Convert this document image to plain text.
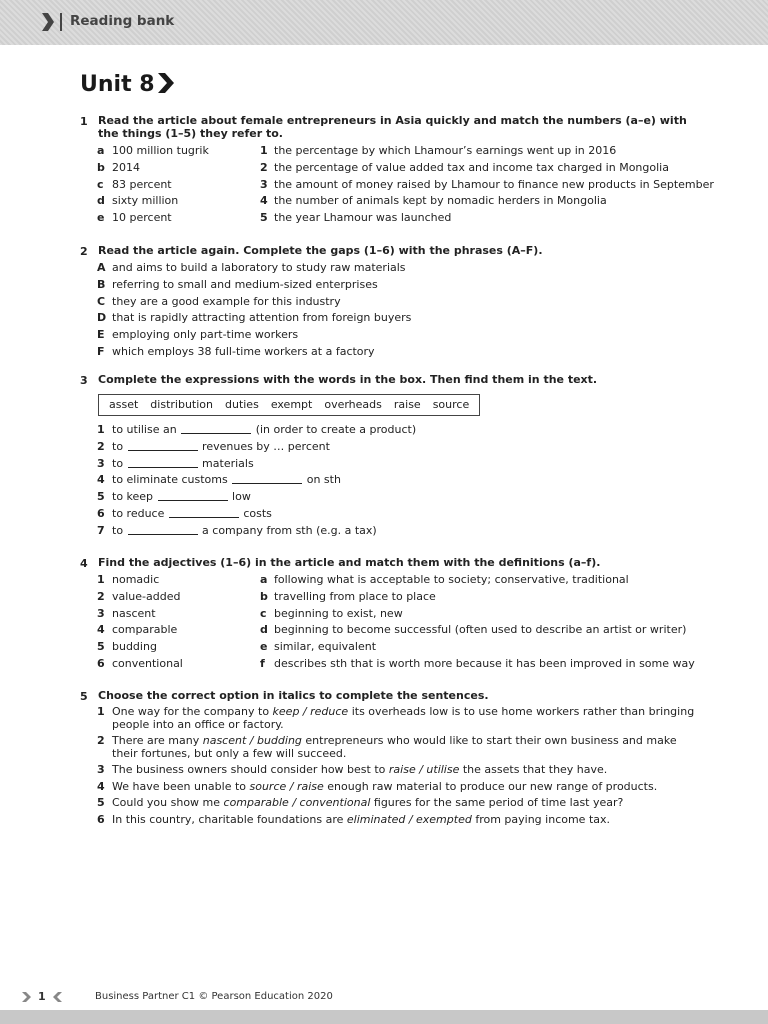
Reading bank
Unit 8
1 Read the article about female entrepreneurs in Asia quickly and match the numbers (a–e) with the things (1–5) they refer to.
a 100 million tugrik	1 the percentage by which Lhamour’s earnings went up in 2016
b 2014	2 the percentage of value added tax and income tax charged in Mongolia
c 83 percent	3 the amount of money raised by Lhamour to finance new products in September
d sixty million	4 the number of animals kept by nomadic herders in Mongolia
e 10 percent	5 the year Lhamour was launched
2 Read the article again. Complete the gaps (1–6) with the phrases (A–F).
A and aims to build a laboratory to study raw materials
B referring to small and medium-sized enterprises
C they are a good example for this industry
D that is rapidly attracting attention from foreign buyers
E employing only part-time workers
F which employs 38 full-time workers at a factory
3 Complete the expressions with the words in the box. Then find them in the text.
asset distribution duties exempt overheads raise source
1 to utilise an	(in order to create a product)
2 to	revenues by … percent
3 to	materials
4 to eliminate customs	on sth
5 to keep	low
6 to reduce	costs
7 to	a company from sth (e.g. a tax)
4 Find the adjectives (1–6) in the article and match them with the definitions (a–f).
1 nomadic	a following what is acceptable to society; conservative, traditional
2 value-added	b travelling from place to place
3 nascent	c beginning to exist, new
4 comparable	d beginning to become successful (often used to describe an artist or writer)
5 budding	e similar, equivalent
6 conventional	f describes sth that is worth more because it has been improved in some way
5 Choose the correct option in italics to complete the sentences.
1 One way for the company to keep / reduce its overheads low is to use home workers rather than bringing people into an office or factory.
2 There are many nascent / budding entrepreneurs who would like to start their own business and make their fortunes, but only a few will succeed.
3 The business owners should consider how best to raise / utilise the assets that they have.
4 We have been unable to source / raise enough raw material to produce our new range of products.
5 Could you show me comparable / conventional figures for the same period of time last year?
6 In this country, charitable foundations are eliminated / exempted from paying income tax.
1	Business Partner C1 © Pearson Education 2020
